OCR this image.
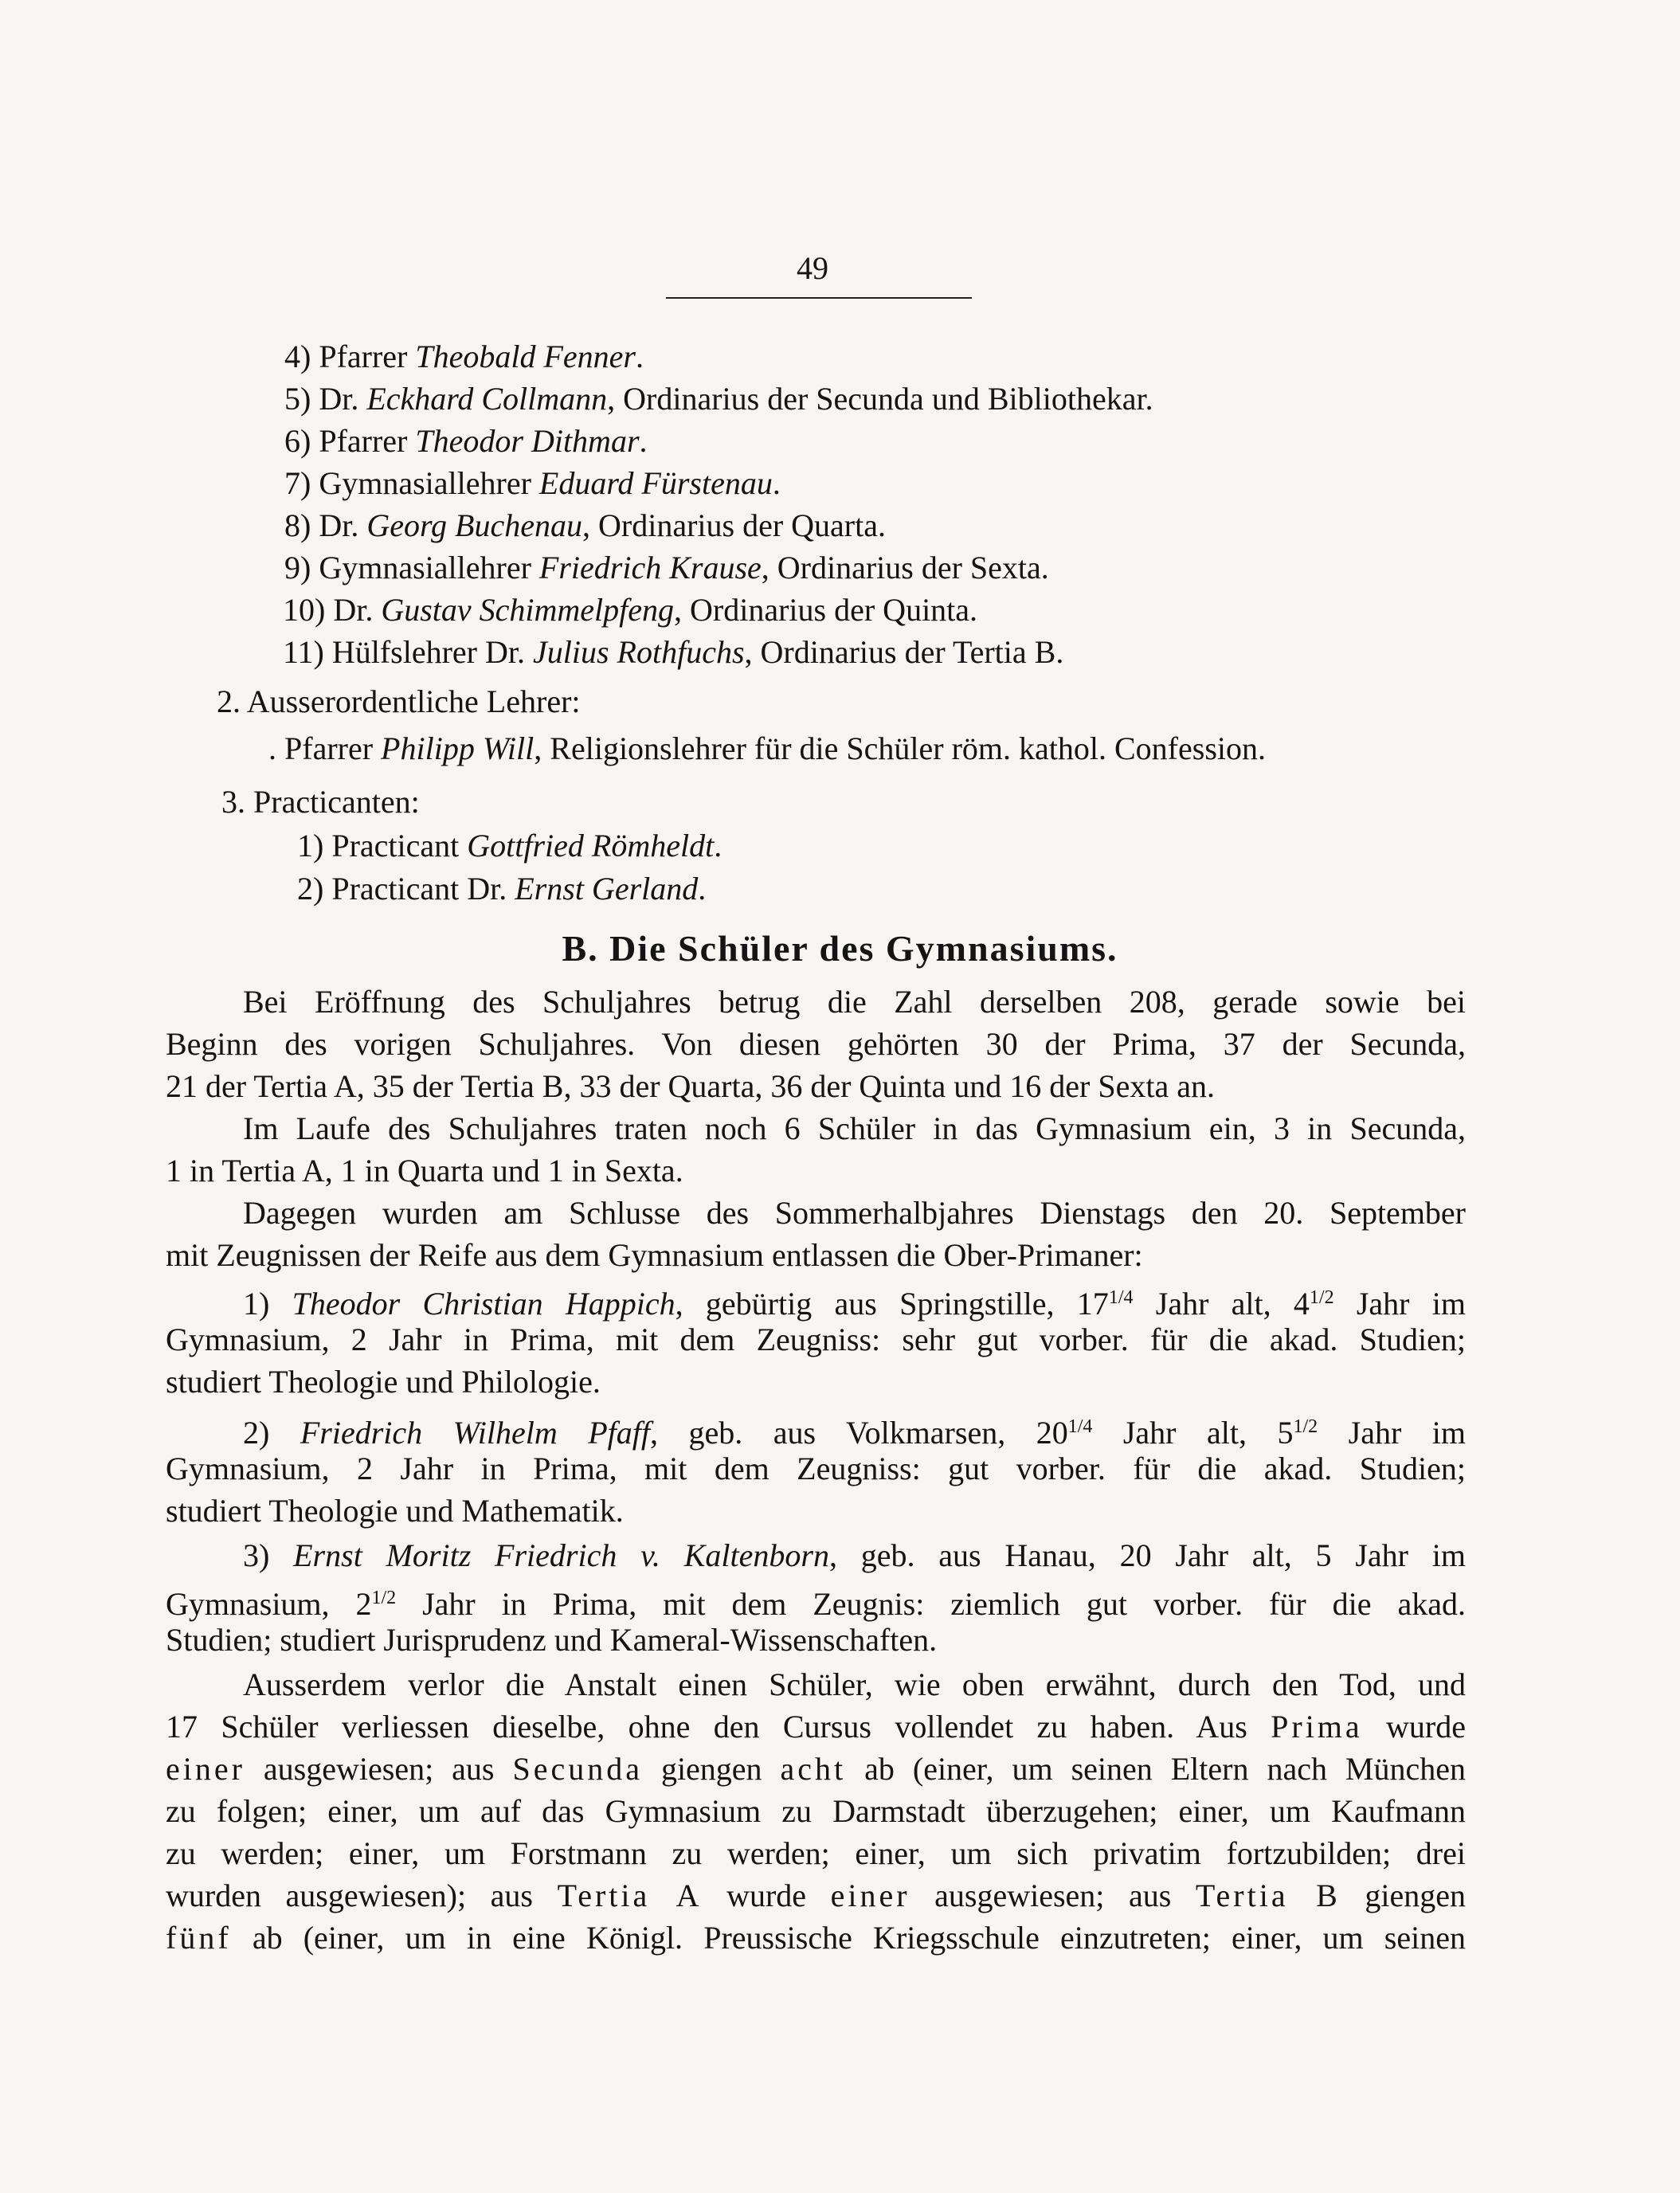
49
4) Pfarrer Theobald Fenner.
5) Dr. Eckhard Collmann, Ordinarius der Secunda und Bibliothekar.
6) Pfarrer Theodor Dithmar.
7) Gymnasiallehrer Eduard Fürstenau.
8) Dr. Georg Buchenau, Ordinarius der Quarta.
9) Gymnasiallehrer Friedrich Krause, Ordinarius der Sexta.
10) Dr. Gustav Schimmelpfeng, Ordinarius der Quinta.
11) Hülfslehrer Dr. Julius Rothfuchs, Ordinarius der Tertia B.
2. Ausserordentliche Lehrer:
. Pfarrer Philipp Will, Religionslehrer für die Schüler röm. kathol. Confession.
3. Practicanten:
1) Practicant Gottfried Römheldt.
2) Practicant Dr. Ernst Gerland.
B. Die Schüler des Gymnasiums.
Bei Eröffnung des Schuljahres betrug die Zahl derselben 208, gerade sowie bei
Beginn des vorigen Schuljahres. Von diesen gehörten 30 der Prima, 37 der Secunda,
21 der Tertia A, 35 der Tertia B, 33 der Quarta, 36 der Quinta und 16 der Sexta an.
Im Laufe des Schuljahres traten noch 6 Schüler in das Gymnasium ein, 3 in Secunda,
1 in Tertia A, 1 in Quarta und 1 in Sexta.
Dagegen wurden am Schlusse des Sommerhalbjahres Dienstags den 20. September
mit Zeugnissen der Reife aus dem Gymnasium entlassen die Ober-Primaner:
1) Theodor Christian Happich, gebürtig aus Springstille, $17^{1/4}$ Jahr alt, $4^{1/2}$ Jahr im
Gymnasium, 2 Jahr in Prima, mit dem Zeugniss: sehr gut vorber. für die akad. Studien;
studiert Theologie und Philologie.
2) Friedrich Wilhelm Pfaff, geb. aus Volkmarsen, $20^{1/4}$ Jahr alt, $5^{1/2}$ Jahr im
Gymnasium, 2 Jahr in Prima, mit dem Zeugniss: gut vorber. für die akad. Studien;
studiert Theologie und Mathematik.
3) Ernst Moritz Friedrich v. Kaltenborn, geb. aus Hanau, 20 Jahr alt, 5 Jahr im
Gymnasium, $2^{1/2}$ Jahr in Prima, mit dem Zeugnis: ziemlich gut vorber. für die akad.
Studien; studiert Jurisprudenz und Kameral-Wissenschaften.
Ausserdem verlor die Anstalt einen Schüler, wie oben erwähnt, durch den Tod, und
17 Schüler verliessen dieselbe, ohne den Cursus vollendet zu haben. Aus Prima wurde
einer ausgewiesen; aus Secunda giengen acht ab (einer, um seinen Eltern nach München
zu folgen; einer, um auf das Gymnasium zu Darmstadt überzugehen; einer, um Kaufmann
zu werden; einer, um Forstmann zu werden; einer, um sich privatim fortzubilden; drei
wurden ausgewiesen); aus Tertia A wurde einer ausgewiesen; aus Tertia B giengen
fünf ab (einer, um in eine Königl. Preussische Kriegsschule einzutreten; einer, um seinen
